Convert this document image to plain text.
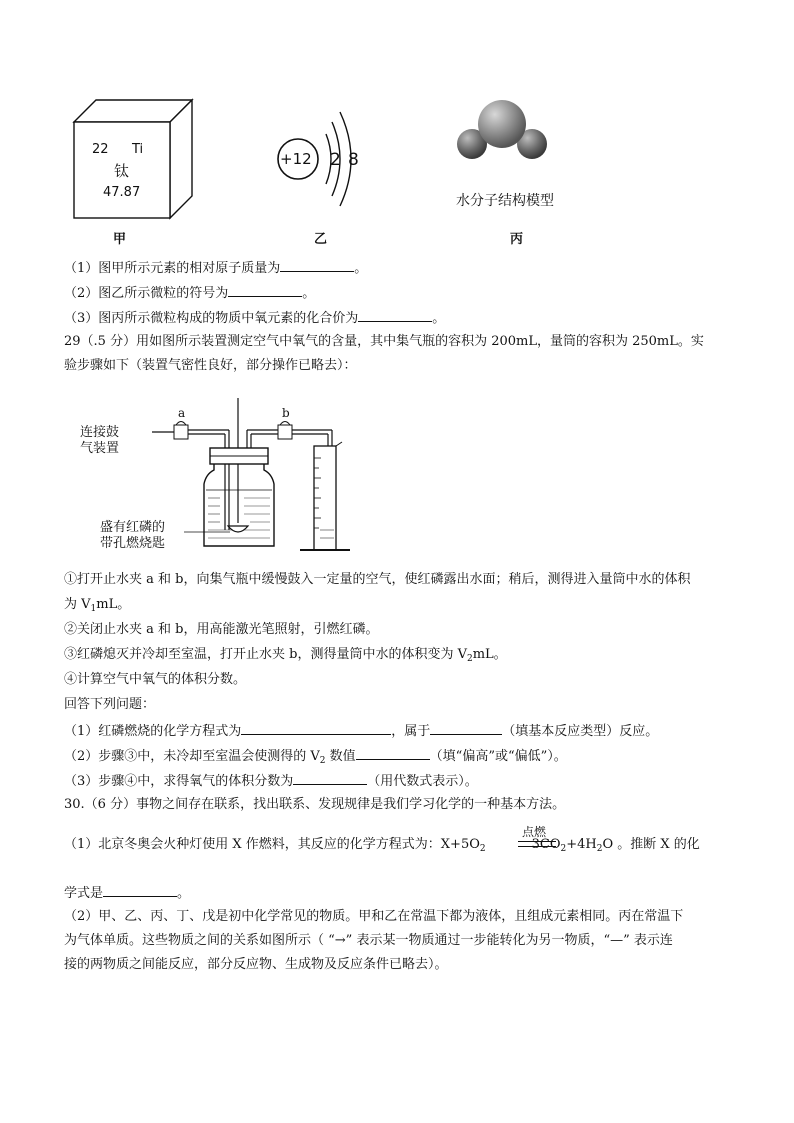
22 Ti
钛
47.87
甲
+12 2 8
乙
水分子结构模型
丙
（1）图甲所示元素的相对原子质量为	。
（2）图乙所示微粒的符号为	。
（3）图丙所示微粒构成的物质中氧元素的化合价为	。
29（.5 分）用如图所示装置测定空气中氧气的含量，其中集气瓶的容积为 200mL，量筒的容积为 250mL。实
验步骤如下（装置气密性良好，部分操作已略去）：
连接鼓
气装置
a	b
盛有红磷的
带孔燃烧匙
①打开止水夹 a 和 b，向集气瓶中缓慢鼓入一定量的空气，使红磷露出水面；稍后，测得进入量筒中水的体积
为 $V_1mL$。
②关闭止水夹 a 和 b，用高能激光笔照射，引燃红磷。
③红磷熄灭并冷却至室温，打开止水夹 b，测得量筒中水的体积变为 $V_2mL$。
④计算空气中氧气的体积分数。
回答下列问题：
（1）红磷燃烧的化学方程式为	，属于	（填基本反应类型）反应。
（2）步骤③中，未冷却至室温会使测得的 $V_2$ 数值	（填“偏高”或“偏低”）。
（3）步骤④中，求得氧气的体积分数为	（用代数式表示）。
30.（6 分）事物之间存在联系，找出联系、发现规律是我们学习化学的一种基本方法。
点燃
（1）北京冬奥会火种灯使用 X 作燃料，其反应的化学方程式为：$X+5O_2$	$3CO_2+4H_2O$ 。推断 X 的化
学式是	。
（2）甲、乙、丙、丁、戊是初中化学常见的物质。甲和乙在常温下都为液体，且组成元素相同。丙在常温下
为气体单质。这些物质之间的关系如图所示（ “→” 表示某一物质通过一步能转化为另一物质，“—” 表示连
接的两物质之间能反应，部分反应物、生成物及反应条件已略去）。
